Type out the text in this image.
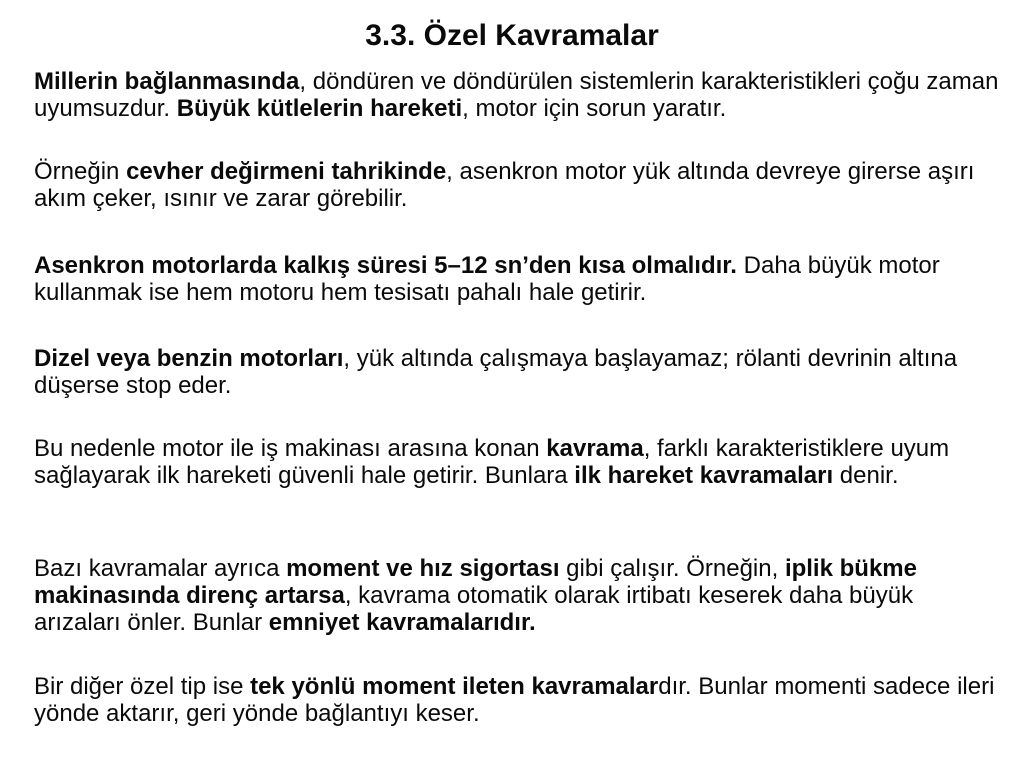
3.3. Özel Kavramalar

Millerin bağlanmasında, döndüren ve döndürülen sistemlerin karakteristikleri çoğu zaman uyumsuzdur. Büyük kütlelerin hareketi, motor için sorun yaratır.

Örneğin cevher değirmeni tahrikinde, asenkron motor yük altında devreye girerse aşırı akım çeker, ısınır ve zarar görebilir.

Asenkron motorlarda kalkış süresi 5–12 sn’den kısa olmalıdır. Daha büyük motor kullanmak ise hem motoru hem tesisatı pahalı hale getirir.

Dizel veya benzin motorları, yük altında çalışmaya başlayamaz; rölanti devrinin altına düşerse stop eder.

Bu nedenle motor ile iş makinası arasına konan kavrama, farklı karakteristiklere uyum sağlayarak ilk hareketi güvenli hale getirir. Bunlara ilk hareket kavramaları denir.

Bazı kavramalar ayrıca moment ve hız sigortası gibi çalışır. Örneğin, iplik bükme makinasında direnç artarsa, kavrama otomatik olarak irtibatı keserek daha büyük arızaları önler. Bunlar emniyet kavramalarıdır.

Bir diğer özel tip ise tek yönlü moment ileten kavramalardır. Bunlar momenti sadece ileri yönde aktarır, geri yönde bağlantıyı keser.
